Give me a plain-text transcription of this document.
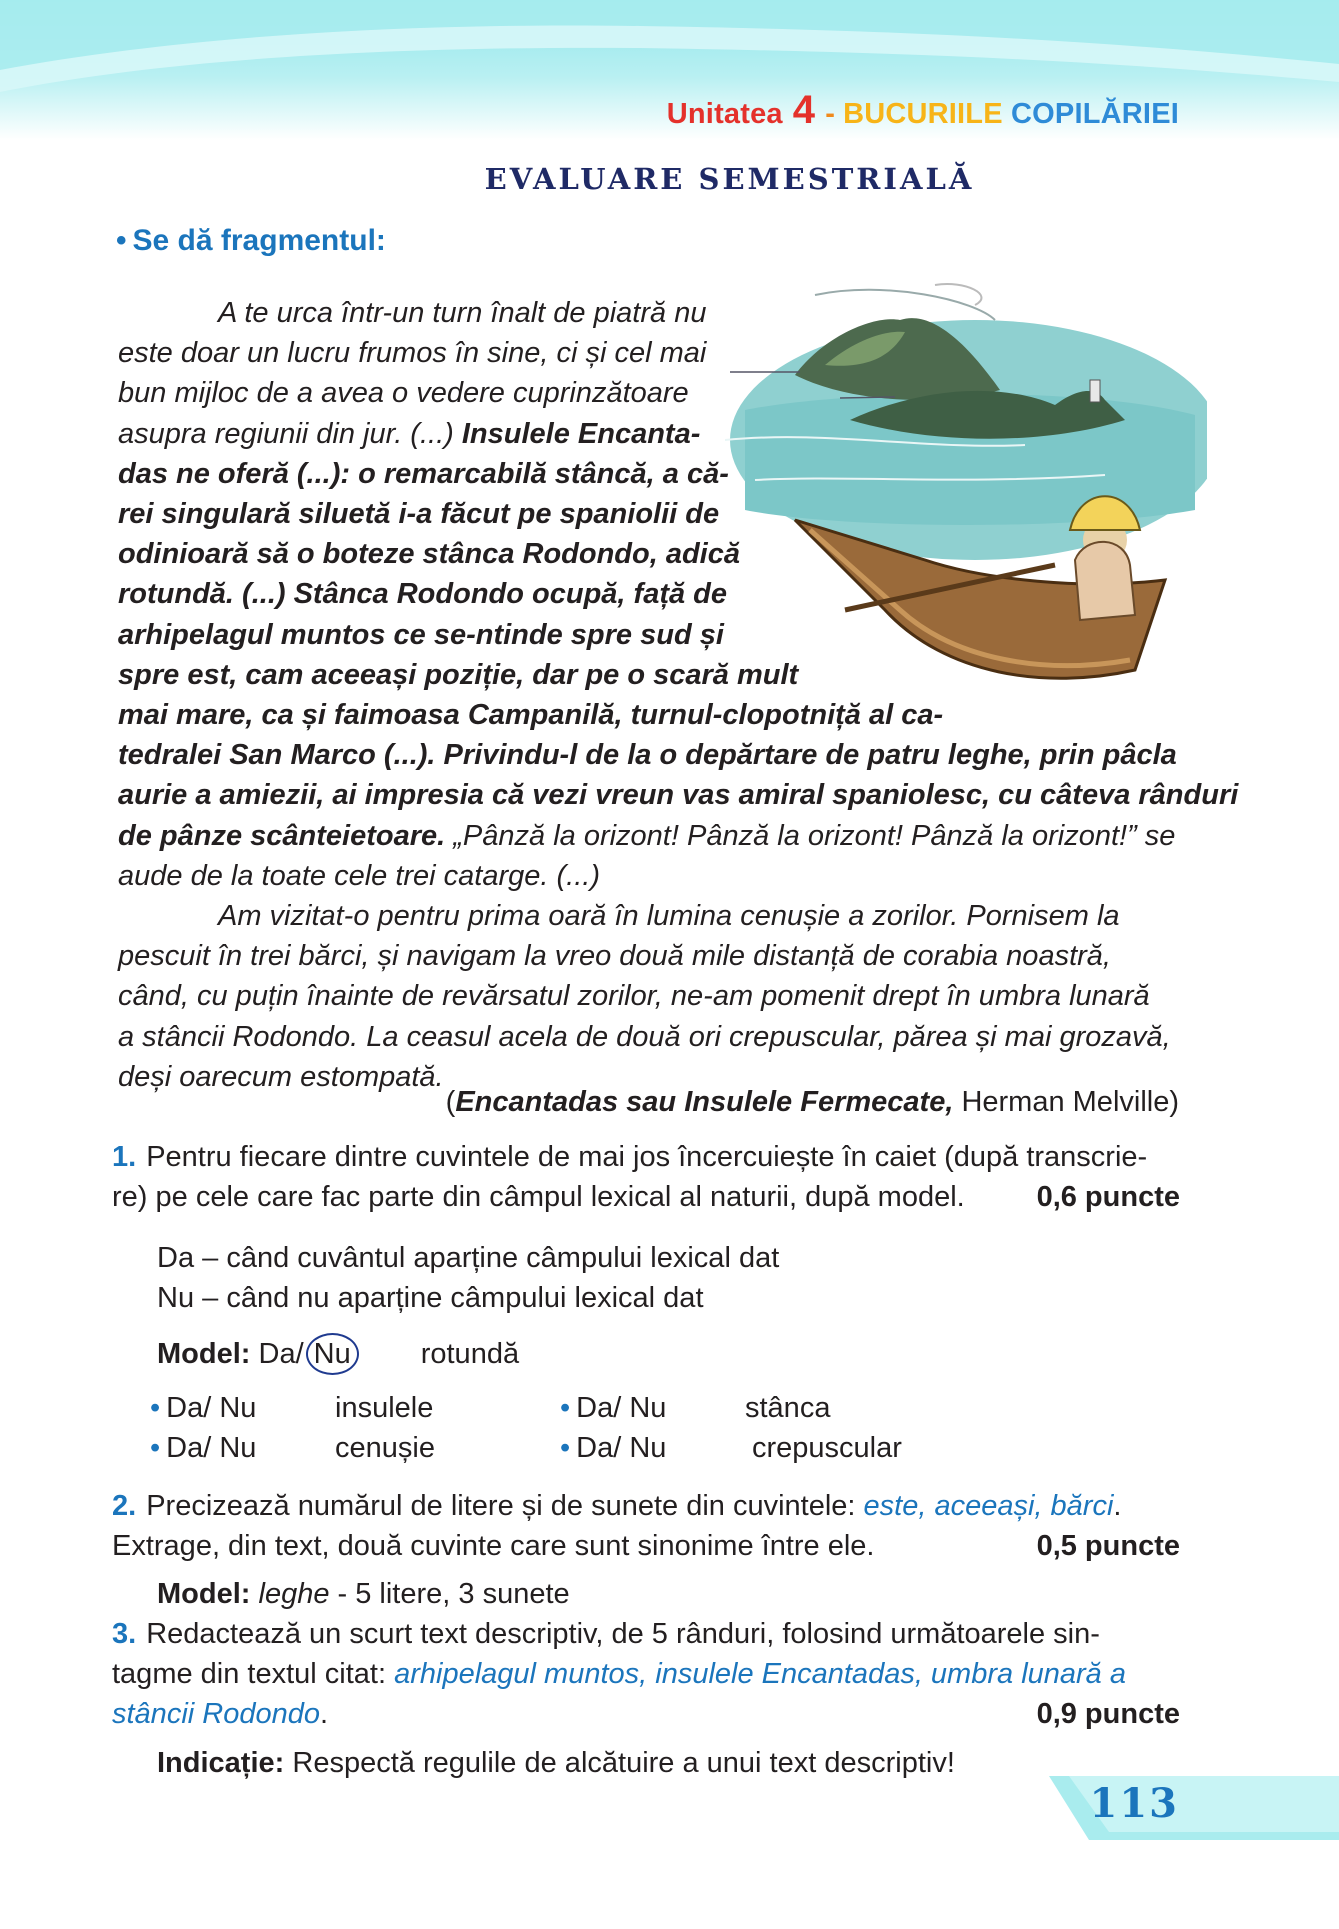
Unitatea 4 - BUCURIILE COPILĂRIEI
EVALUARE SEMESTRIALĂ
• Se dă fragmentul:
A te urca într-un turn înalt de piatră nu
este doar un lucru frumos în sine, ci și cel mai
bun mijloc de a avea o vedere cuprinzătoare
asupra regiunii din jur. (...) Insulele Encanta-
das ne oferă (...): o remarcabilă stâncă, a că-
rei singulară siluetă i-a făcut pe spaniolii de
odinioară să o boteze stânca Rodondo, adică
rotundă. (...) Stânca Rodondo ocupă, față de
arhipelagul muntos ce se-ntinde spre sud și
spre est, cam aceeași poziție, dar pe o scară mult
mai mare, ca și faimoasa Campanilă, turnul-clopotniță al ca-
tedralei San Marco (...). Privindu-l de la o depărtare de patru leghe, prin pâcla
aurie a amiezii, ai impresia că vezi vreun vas amiral spaniolesc, cu câteva rânduri
de pânze scânteietoare. „Pânză la orizont! Pânză la orizont! Pânză la orizont!” se
aude de la toate cele trei catarge. (...)
Am vizitat-o pentru prima oară în lumina cenușie a zorilor. Pornisem la
pescuit în trei bărci, și navigam la vreo două mile distanță de corabia noastră,
când, cu puțin înainte de revărsatul zorilor, ne-am pomenit drept în umbra lunară
a stâncii Rodondo. La ceasul acela de două ori crepuscular, părea și mai grozavă,
deși oarecum estompată.
(Encantadas sau Insulele Fermecate, Herman Melville)
1. Pentru fiecare dintre cuvintele de mai jos încercuiește în caiet (după transcrie-
re) pe cele care fac parte din câmpul lexical al naturii, după model. 0,6 puncte
Da – când cuvântul aparține câmpului lexical dat
Nu – când nu aparține câmpului lexical dat
Model: Da/ Nu rotundă
• Da/ Nu	insulele	• Da/ Nu	stânca
• Da/ Nu	cenușie	• Da/ Nu	crepuscular
2. Precizează numărul de litere și de sunete din cuvintele: este, aceeași, bărci.
Extrage, din text, două cuvinte care sunt sinonime între ele.	0,5 puncte
Model: leghe - 5 litere, 3 sunete
3. Redactează un scurt text descriptiv, de 5 rânduri, folosind următoarele sin-
tagme din textul citat: arhipelagul muntos, insulele Encantadas, umbra lunară a
stâncii Rodondo.	0,9 puncte
Indicație: Respectă regulile de alcătuire a unui text descriptiv!
113
